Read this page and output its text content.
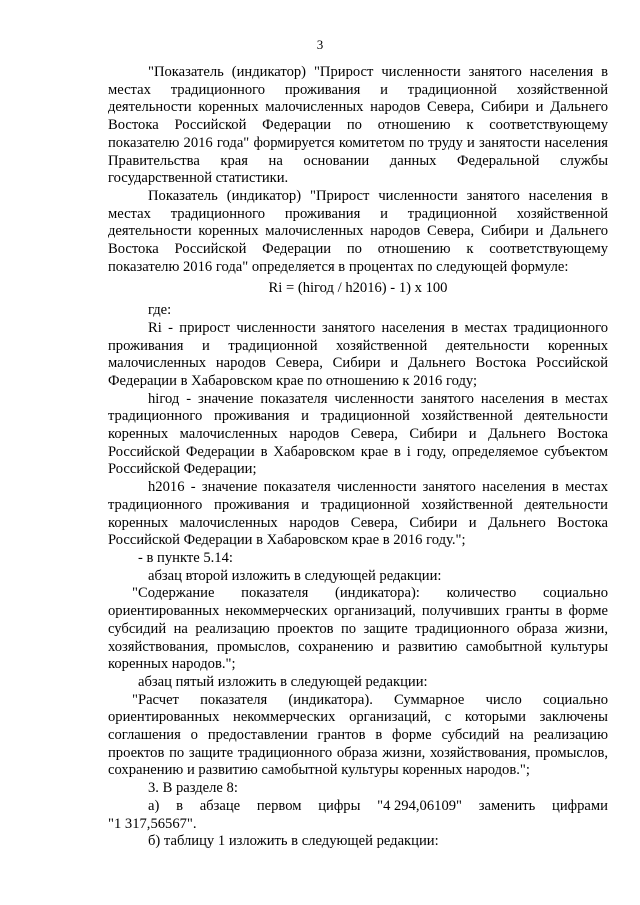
3

"Показатель (индикатор) "Прирост численности занятого населения в местах традиционного проживания и традиционной хозяйственной деятельности коренных малочисленных народов Севера, Сибири и Дальнего Востока Российской Федерации по отношению к соответствующему показателю 2016 года" формируется комитетом по труду и занятости населения Правительства края на основании данных Федеральной службы государственной статистики.

Показатель (индикатор) "Прирост численности занятого населения в местах традиционного проживания и традиционной хозяйственной деятельности коренных малочисленных народов Севера, Сибири и Дальнего Востока Российской Федерации по отношению к соответствующему показателю 2016 года" определяется в процентах по следующей формуле:

Ri = (hiгод / h2016) - 1) x 100

где:

Ri - прирост численности занятого населения в местах традиционного проживания и традиционной хозяйственной деятельности коренных малочисленных народов Севера, Сибири и Дальнего Востока Российской Федерации в Хабаровском крае по отношению к 2016 году;

hiгод - значение показателя численности занятого населения в местах традиционного проживания и традиционной хозяйственной деятельности коренных малочисленных народов Севера, Сибири и Дальнего Востока Российской Федерации в Хабаровском крае в i году, определяемое субъектом Российской Федерации;

h2016 - значение показателя численности занятого населения в местах традиционного проживания и традиционной хозяйственной деятельности коренных малочисленных народов Севера, Сибири и Дальнего Востока Российской Федерации в Хабаровском крае в 2016 году.";

- в пункте 5.14:

абзац второй изложить в следующей редакции:

"Содержание показателя (индикатора): количество социально ориентированных некоммерческих организаций, получивших гранты в форме субсидий на реализацию проектов по защите традиционного образа жизни, хозяйствования, промыслов, сохранению и развитию самобытной культуры коренных народов.";

абзац пятый изложить в следующей редакции:

"Расчет показателя (индикатора). Суммарное число социально ориентированных некоммерческих организаций, с которыми заключены соглашения о предоставлении грантов в форме субсидий на реализацию проектов по защите традиционного образа жизни, хозяйствования, промыслов, сохранению и развитию самобытной культуры коренных народов.";

3. В разделе 8:

а) в абзаце первом цифры "4 294,06109" заменить цифрами

"1 317,56567".

б) таблицу 1 изложить в следующей редакции:
